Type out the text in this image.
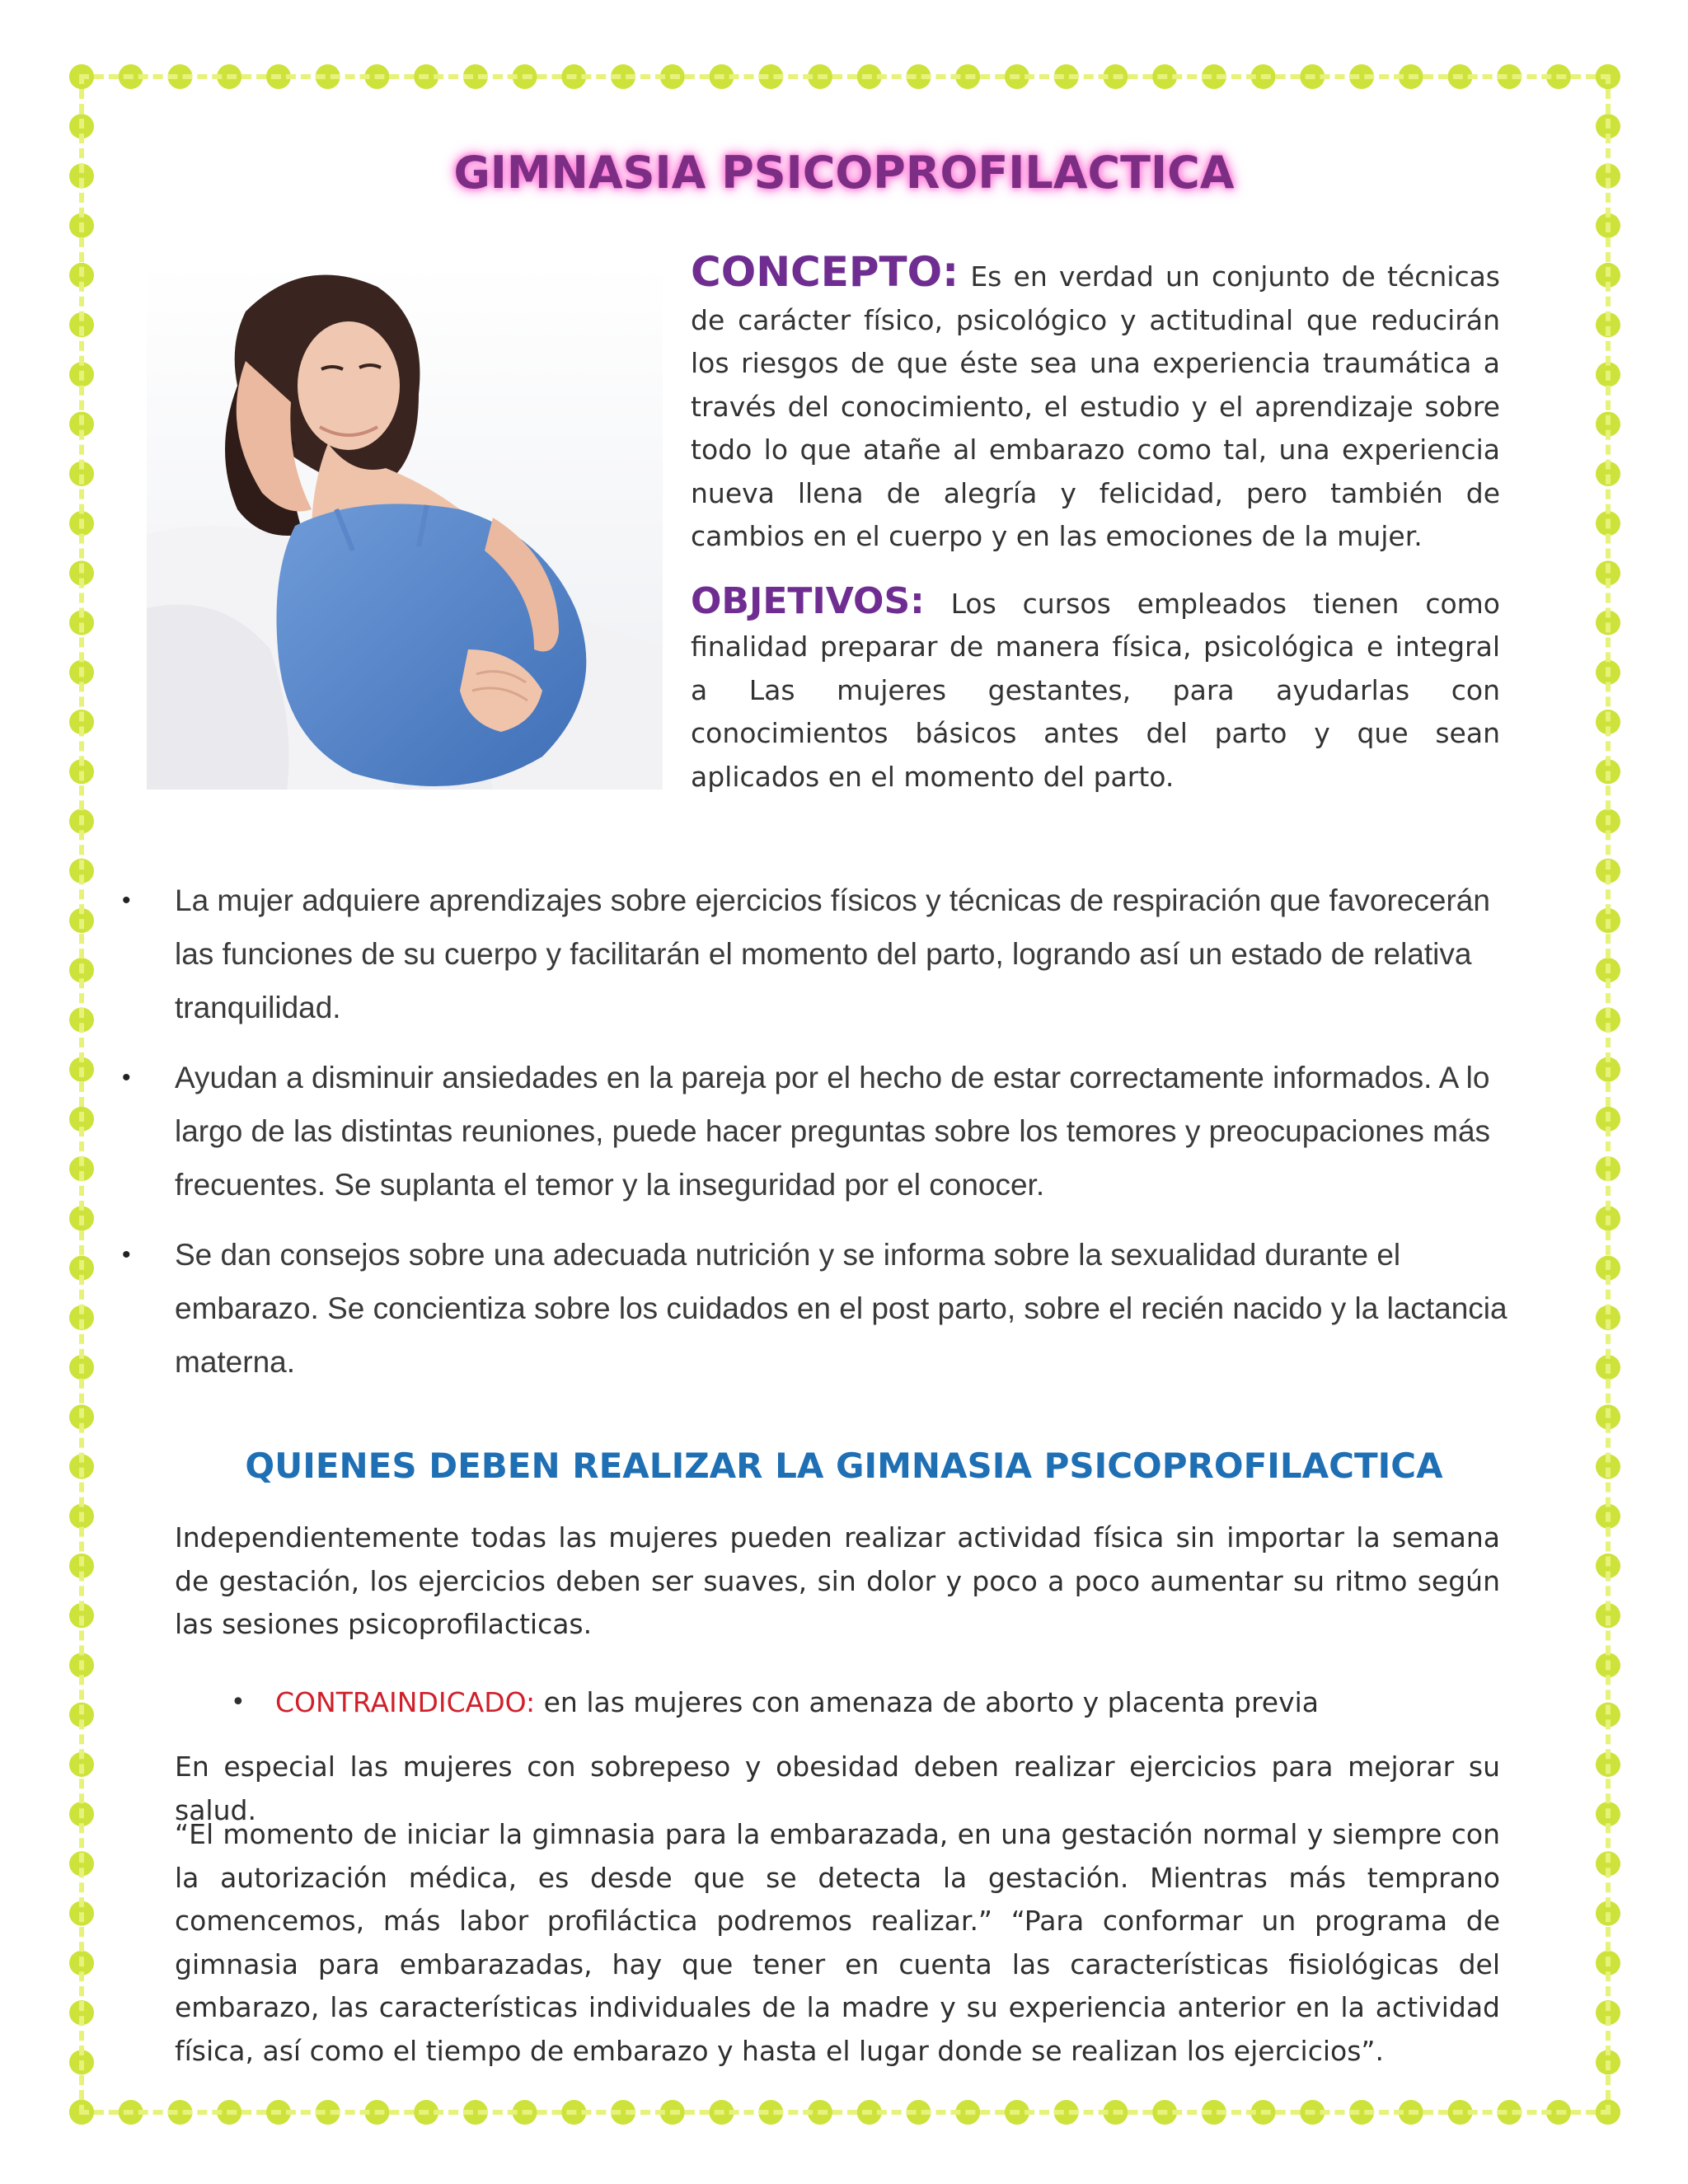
GIMNASIA PSICOPROFILACTICA

CONCEPTO: Es en verdad un conjunto de técnicas de carácter físico, psicológico y actitudinal que reducirán los riesgos de que éste sea una experiencia traumática a través del conocimiento, el estudio y el aprendizaje sobre todo lo que atañe al embarazo como tal, una experiencia nueva llena de alegría y felicidad, pero también de cambios en el cuerpo y en las emociones de la mujer.

OBJETIVOS: Los cursos empleados tienen como finalidad preparar de manera física, psicológica e integral a Las mujeres gestantes, para ayudarlas con conocimientos básicos antes del parto y que sean aplicados en el momento del parto.

• La mujer adquiere aprendizajes sobre ejercicios físicos y técnicas de respiración que favorecerán las funciones de su cuerpo y facilitarán el momento del parto, logrando así un estado de relativa tranquilidad.
• Ayudan a disminuir ansiedades en la pareja por el hecho de estar correctamente informados. A lo largo de las distintas reuniones, puede hacer preguntas sobre los temores y preocupaciones más frecuentes. Se suplanta el temor y la inseguridad por el conocer.
• Se dan consejos sobre una adecuada nutrición y se informa sobre la sexualidad durante el embarazo. Se concientiza sobre los cuidados en el post parto, sobre el recién nacido y la lactancia materna.
QUIENES DEBEN REALIZAR LA GIMNASIA PSICOPROFILACTICA

Independientemente todas las mujeres pueden realizar actividad física sin importar la semana de gestación, los ejercicios deben ser suaves, sin dolor y poco a poco aumentar su ritmo según las sesiones psicoprofilacticas.

•	CONTRAINDICADO: en las mujeres con amenaza de aborto y placenta previa

En especial las mujeres con sobrepeso y obesidad deben realizar ejercicios para mejorar su salud.

“El momento de iniciar la gimnasia para la embarazada, en una gestación normal y siempre con la autorización médica, es desde que se detecta la gestación. Mientras más temprano comencemos, más labor profiláctica podremos realizar.” “Para conformar un programa de gimnasia para embarazadas, hay que tener en cuenta las características fisiológicas del embarazo, las características individuales de la madre y su experiencia anterior en la actividad física, así como el tiempo de embarazo y hasta el lugar donde se realizan los ejercicios”.
